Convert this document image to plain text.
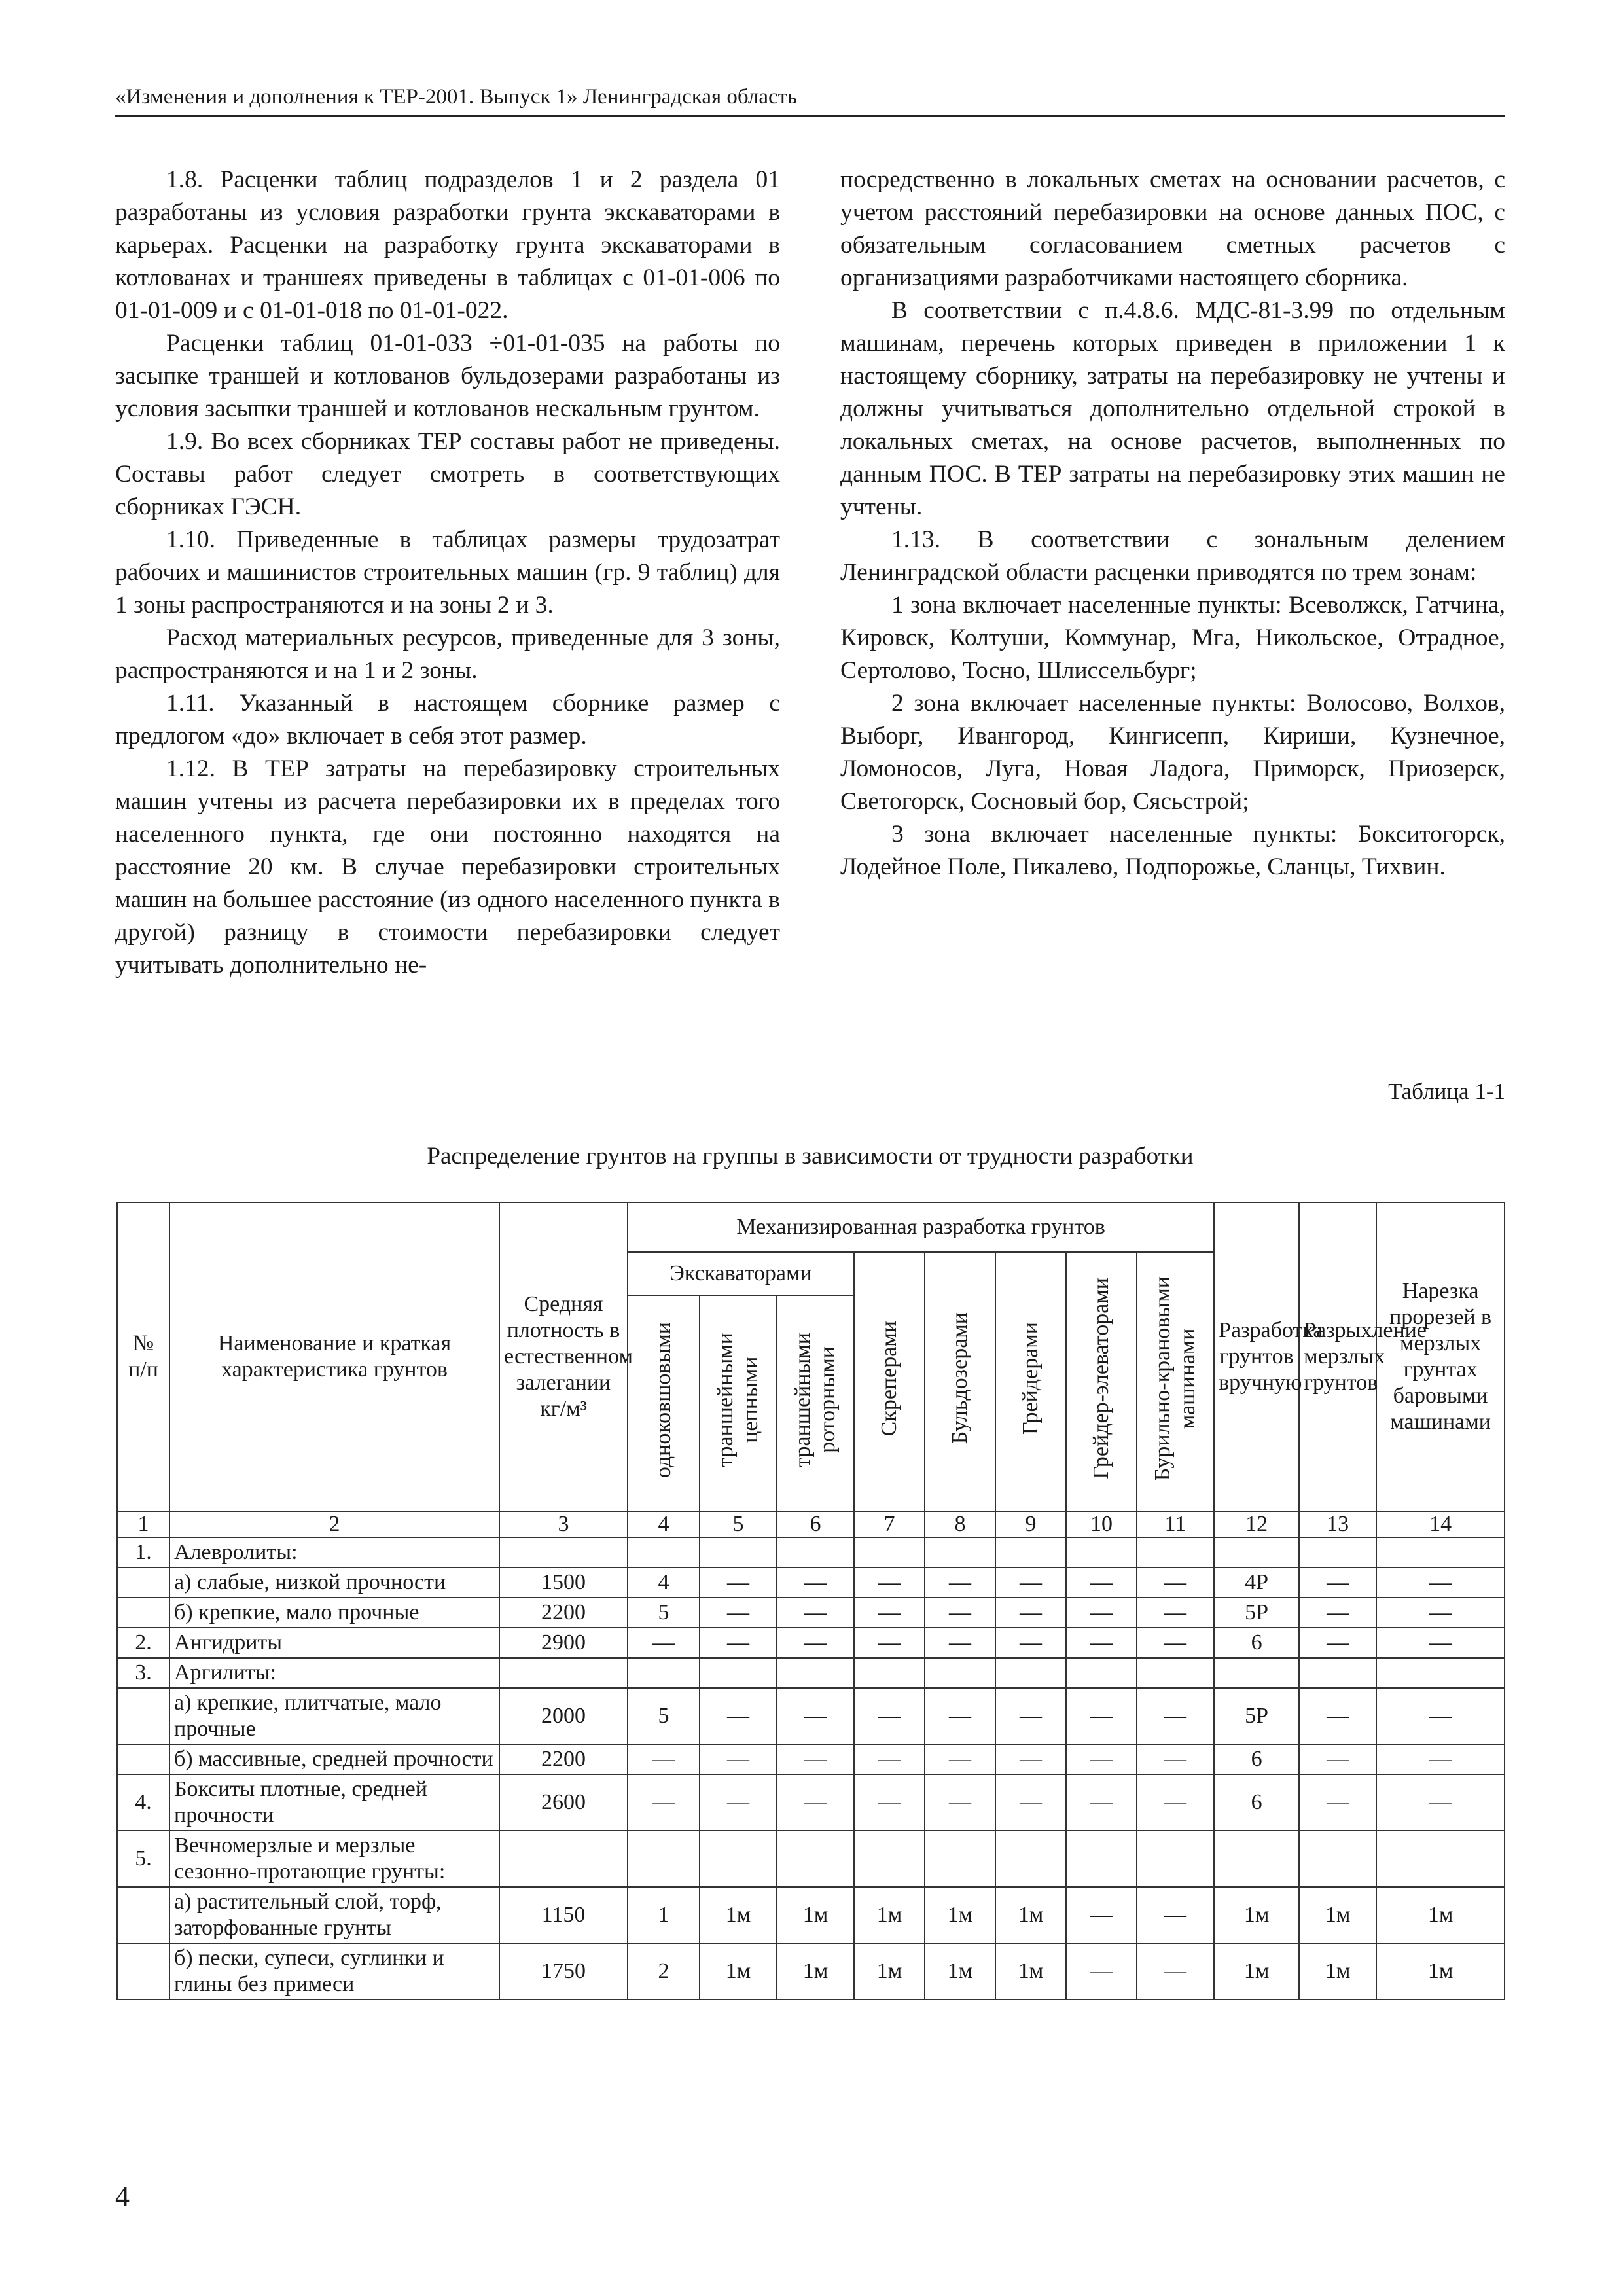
«Изменения и дополнения к ТЕР-2001. Выпуск 1» Ленинградская область

1.8. Расценки таблиц подразделов 1 и 2 раздела 01 разработаны из условия разработки грунта экскаваторами в карьерах. Расценки на разработку грунта экскаваторами в котлованах и траншеях приведены в таблицах с 01-01-006 по 01-01-009 и с 01-01-018 по 01-01-022.

Расценки таблиц 01-01-033 ÷01-01-035 на работы по засыпке траншей и котлованов бульдозерами разработаны из условия засыпки траншей и котлованов нескальным грунтом.

1.9. Во всех сборниках ТЕР составы работ не приведены. Составы работ следует смотреть в соответствующих сборниках ГЭСН.

1.10. Приведенные в таблицах размеры трудозатрат рабочих и машинистов строительных машин (гр. 9 таблиц) для 1 зоны распространяются и на зоны 2 и 3.

Расход материальных ресурсов, приведенные для 3 зоны, распространяются и на 1 и 2 зоны.

1.11. Указанный в настоящем сборнике размер с предлогом «до» включает в себя этот размер.

1.12. В ТЕР затраты на перебазировку строительных машин учтены из расчета перебазировки их в пределах того населенного пункта, где они постоянно находятся на расстояние 20 км. В случае перебазировки строительных машин на большее расстояние (из одного населенного пункта в другой) разницу в стоимости перебазировки следует учитывать дополнительно не-

посредственно в локальных сметах на основании расчетов, с учетом расстояний перебазировки на основе данных ПОС, с обязательным согласованием сметных расчетов с организациями разработчиками настоящего сборника.

В соответствии с п.4.8.6. МДС-81-3.99 по отдельным машинам, перечень которых приведен в приложении 1 к настоящему сборнику, затраты на перебазировку не учтены и должны учитываться дополнительно отдельной строкой в локальных сметах, на основе расчетов, выполненных по данным ПОС. В ТЕР затраты на перебазировку этих машин не учтены.

1.13. В соответствии с зональным делением Ленинградской области расценки приводятся по трем зонам:

1 зона включает населенные пункты: Всеволжск, Гатчина, Кировск, Колтуши, Коммунар, Мга, Никольское, Отрадное, Сертолово, Тосно, Шлиссельбург;

2 зона включает населенные пункты: Волосово, Волхов, Выборг, Ивангород, Кингисепп, Кириши, Кузнечное, Ломоносов, Луга, Новая Ладога, Приморск, Приозерск, Светогорск, Сосновый бор, Сясьстрой;

3 зона включает населенные пункты: Бокситогорск, Лодейное Поле, Пикалево, Подпорожье, Сланцы, Тихвин.

Таблица 1-1
Распределение грунтов на группы в зависимости от трудности разработки
№ п/п	Наименование и краткая характеристика грунтов	Средняя плотность в естественном залегании кг/м³	Механизированная разработка грунтов								Разработка грунтов вручную	Разрыхление мерзлых грунтов	Нарезка прорезей в мерзлых грунтах баровыми машинами
			Экскаваторами			Скреперами	Бульдозерами	Грейдерами	Грейдер-элеваторами	Бурильно-крановыми
машинами			
			одноковшовыми	траншейными
цепными	траншейными
роторными								
1	2	3	4	5	6	7	8	9	10	11	12	13	14
1.	Алевролиты:												
	а) слабые, низкой прочности	1500	4	—	—	—	—	—	—	—	4Р	—	—
	б) крепкие, мало прочные	2200	5	—	—	—	—	—	—	—	5Р	—	—
2.	Ангидриты	2900	—	—	—	—	—	—	—	—	6	—	—
3.	Аргилиты:												
	а) крепкие, плитчатые, мало прочные	2000	5	—	—	—	—	—	—	—	5Р	—	—
	б) массивные, средней прочности	2200	—	—	—	—	—	—	—	—	6	—	—
4.	Бокситы плотные, средней прочности	2600	—	—	—	—	—	—	—	—	6	—	—
5.	Вечномерзлые и мерзлые сезонно-протающие грунты:												
	а) растительный слой, торф, заторфованные грунты	1150	1	1м	1м	1м	1м	1м	—	—	1м	1м	1м
	б) пески, супеси, суглинки и глины без примеси	1750	2	1м	1м	1м	1м	1м	—	—	1м	1м	1м
4
